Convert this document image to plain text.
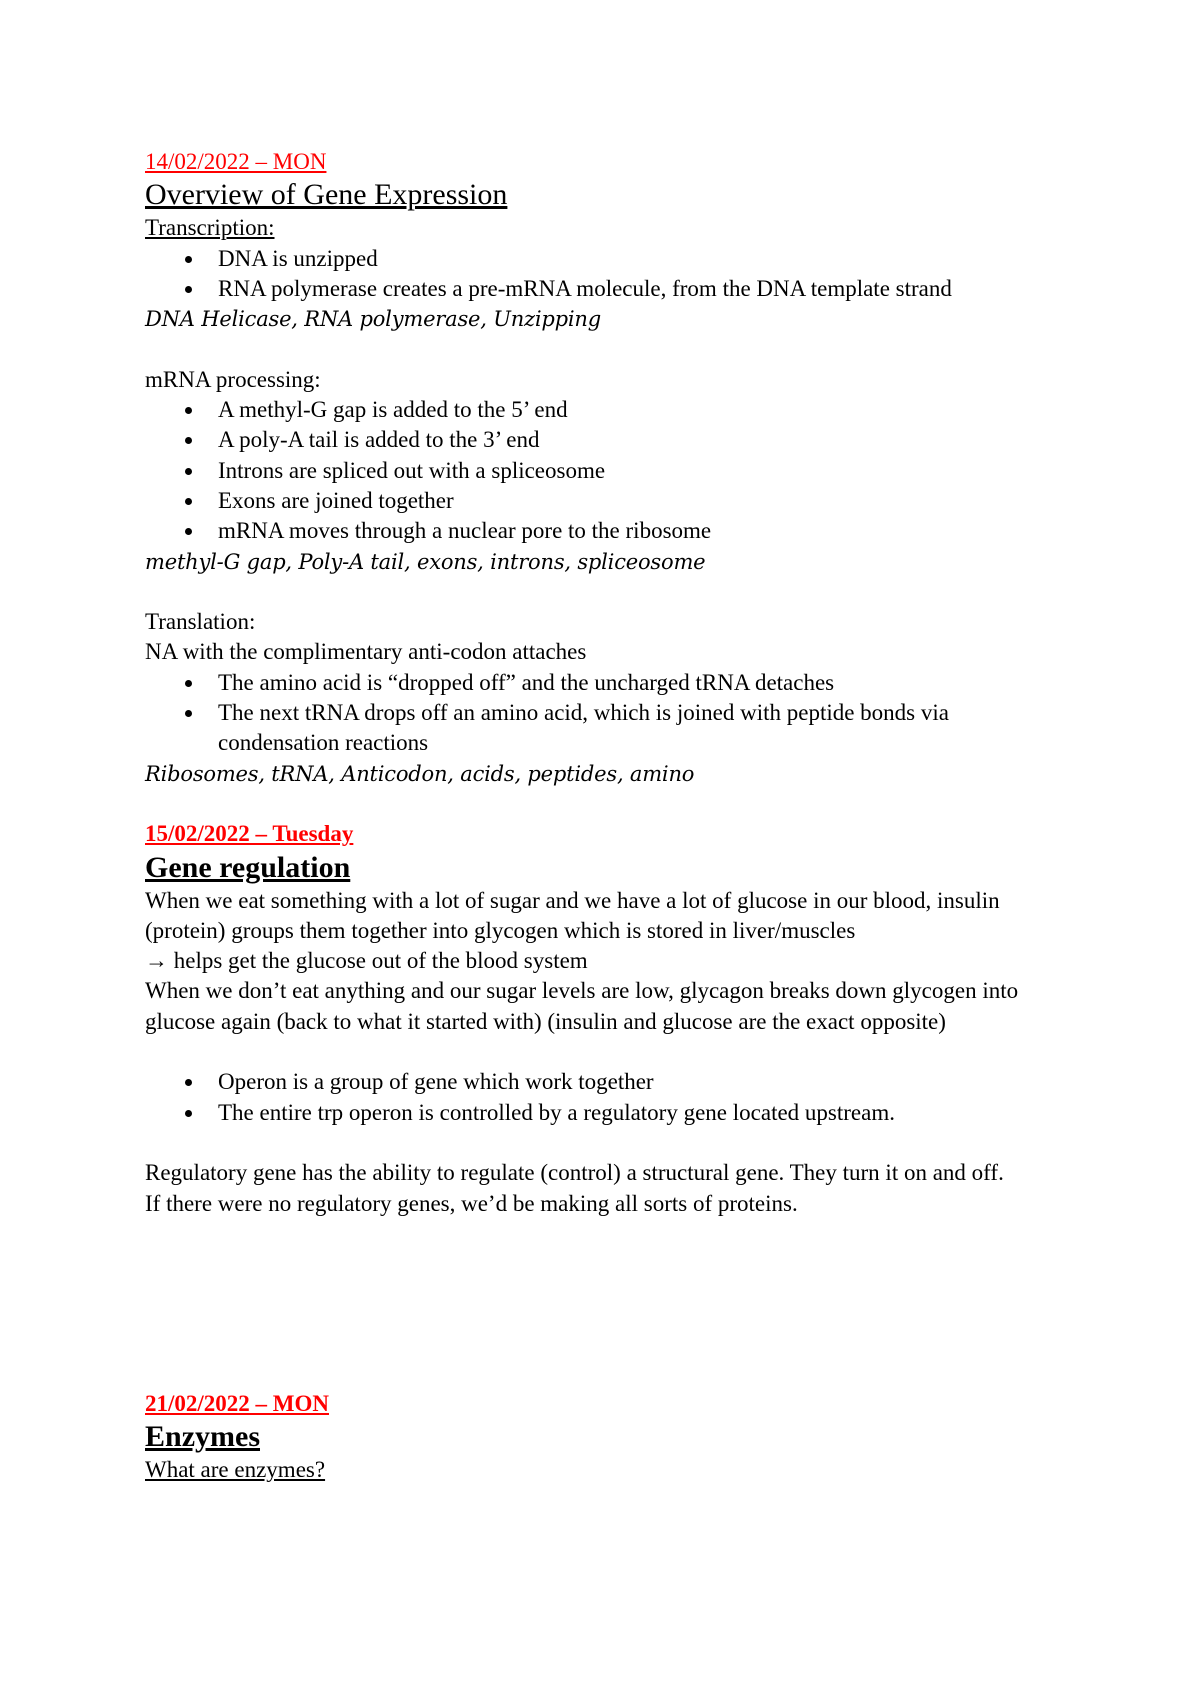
14/02/2022 – MON

Overview of Gene Expression

Transcription:

DNA is unzipped
RNA polymerase creates a pre-mRNA molecule, from the DNA template strand

DNA Helicase, RNA polymerase, Unzipping

mRNA processing:

A methyl-G gap is added to the 5’ end
A poly-A tail is added to the 3’ end
Introns are spliced out with a spliceosome
Exons are joined together
mRNA moves through a nuclear pore to the ribosome

methyl-G gap, Poly-A tail, exons, introns, spliceosome

Translation:

NA with the complimentary anti-codon attaches

The amino acid is “dropped off” and the uncharged tRNA detaches
The next tRNA drops off an amino acid, which is joined with peptide bonds via condensation reactions

Ribosomes, tRNA, Anticodon, acids, peptides, amino

15/02/2022 – Tuesday

Gene regulation

When we eat something with a lot of sugar and we have a lot of glucose in our blood, insulin (protein) groups them together into glycogen which is stored in liver/muscles

→ helps get the glucose out of the blood system

When we don’t eat anything and our sugar levels are low, glycagon breaks down glycogen into glucose again (back to what it started with) (insulin and glucose are the exact opposite)

Operon is a group of gene which work together
The entire trp operon is controlled by a regulatory gene located upstream.

Regulatory gene has the ability to regulate (control) a structural gene. They turn it on and off.

If there were no regulatory genes, we’d be making all sorts of proteins.

21/02/2022 – MON

Enzymes

What are enzymes?
